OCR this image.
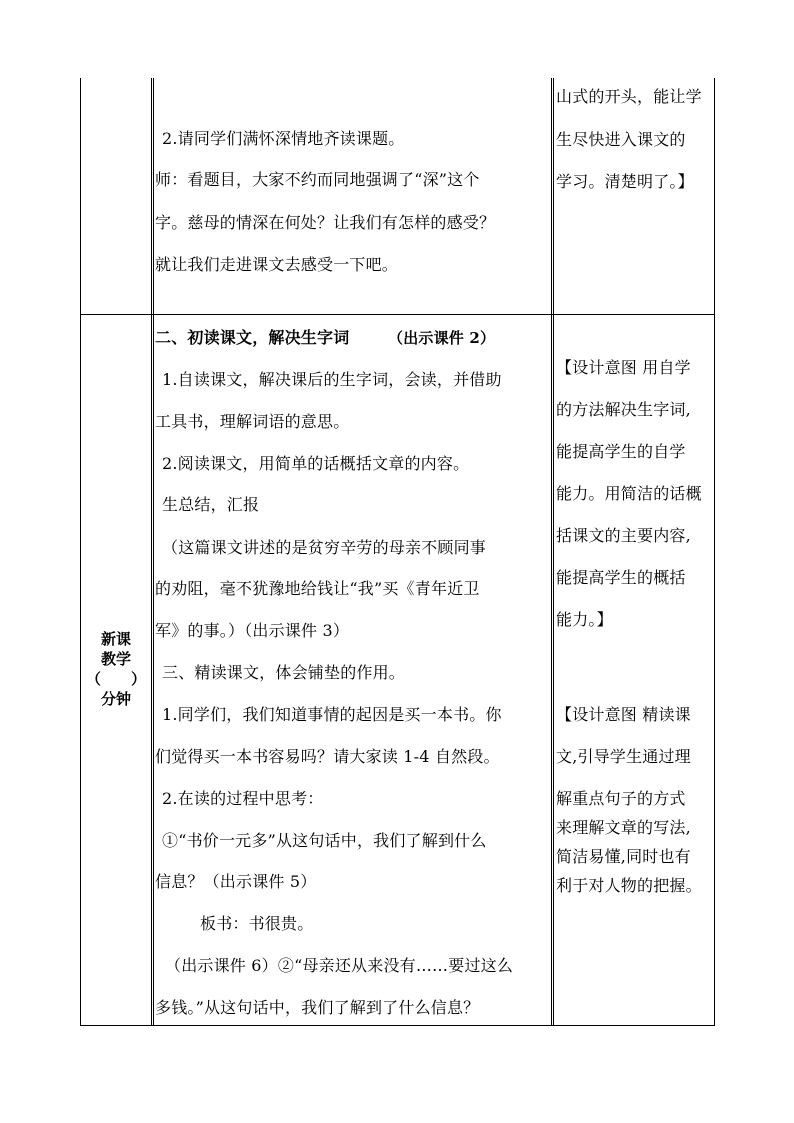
2.请同学们满怀深情地齐读课题。
师：看题目，大家不约而同地强调了“深”这个
字。慈母的情深在何处？让我们有怎样的感受？
就让我们走进课文去感受一下吧。
山式的开头，能让学
生尽快进入课文的
学习。清楚明了。】
新课
教学
（　　）
分钟
二、初读课文，解决生字词	（出示课件 2）
1.自读课文，解决课后的生字词，会读，并借助
工具书，理解词语的意思。
2.阅读课文，用简单的话概括文章的内容。
生总结，汇报
（这篇课文讲述的是贫穷辛劳的母亲不顾同事
的劝阻，毫不犹豫地给钱让“我”买《青年近卫
军》的事。）（出示课件 3）
三、精读课文，体会铺垫的作用。
1.同学们，我们知道事情的起因是买一本书。你
们觉得买一本书容易吗？请大家读 1-4 自然段。
2.在读的过程中思考：
①“书价一元多”从这句话中，我们了解到什么
信息？（出示课件 5）
板书：书很贵。
（出示课件 6）②“母亲还从来没有……要过这么
多钱。”从这句话中，我们了解到了什么信息？
【设计意图 用自学
的方法解决生字词,
能提高学生的自学
能力。用简洁的话概
括课文的主要内容,
能提高学生的概括
能力。】
【设计意图 精读课
文,引导学生通过理
解重点句子的方式
来理解文章的写法,
简洁易懂,同时也有
利于对人物的把握。
